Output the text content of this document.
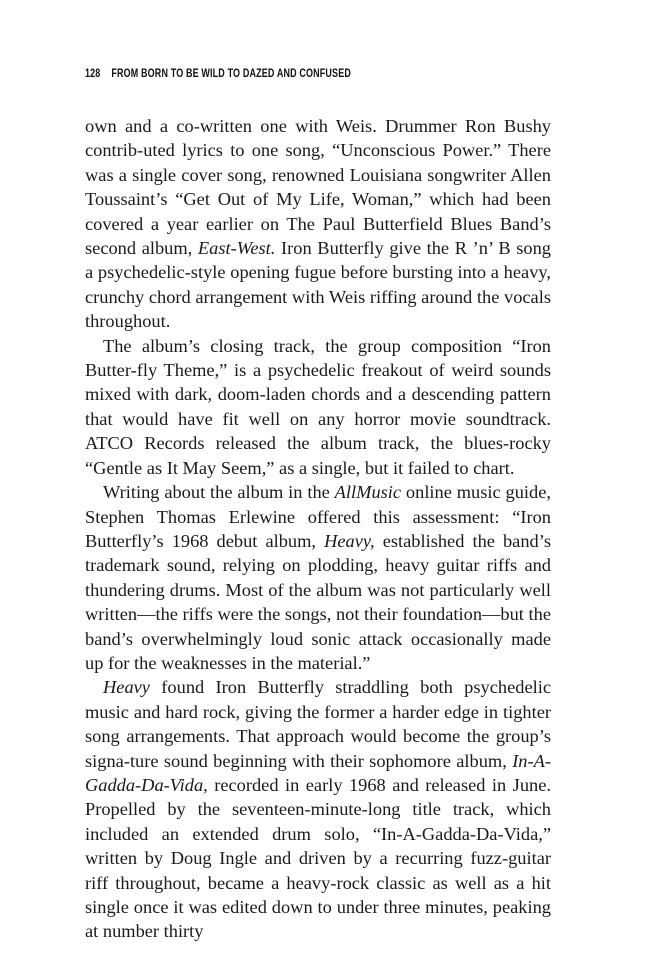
128 FROM BORN TO BE WILD TO DAZED AND CONFUSED

own and a co-written one with Weis. Drummer Ron Bushy contrib-uted lyrics to one song, “Unconscious Power.” There was a single cover song, renowned Louisiana songwriter Allen Toussaint’s “Get Out of My Life, Woman,” which had been covered a year earlier on The Paul Butterfield Blues Band’s second album, East-West. Iron Butterfly give the R ’n’ B song a psychedelic-style opening fugue before bursting into a heavy, crunchy chord arrangement with Weis riffing around the vocals throughout.

The album’s closing track, the group composition “Iron Butter-fly Theme,” is a psychedelic freakout of weird sounds mixed with dark, doom-laden chords and a descending pattern that would have fit well on any horror movie soundtrack. ATCO Records released the album track, the blues-rocky “Gentle as It May Seem,” as a single, but it failed to chart.

Writing about the album in the AllMusic online music guide, Stephen Thomas Erlewine offered this assessment: “Iron Butterfly’s 1968 debut album, Heavy, established the band’s trademark sound, relying on plodding, heavy guitar riffs and thundering drums. Most of the album was not particularly well written—the riffs were the songs, not their foundation—but the band’s overwhelmingly loud sonic attack occasionally made up for the weaknesses in the material.”

Heavy found Iron Butterfly straddling both psychedelic music and hard rock, giving the former a harder edge in tighter song arrangements. That approach would become the group’s signa-ture sound beginning with their sophomore album, In-A-Gadda-Da-Vida, recorded in early 1968 and released in June. Propelled by the seventeen-minute-long title track, which included an extended drum solo, “In-A-Gadda-Da-Vida,” written by Doug Ingle and driven by a recurring fuzz-guitar riff throughout, became a heavy-rock classic as well as a hit single once it was edited down to under three minutes, peaking at number thirty
